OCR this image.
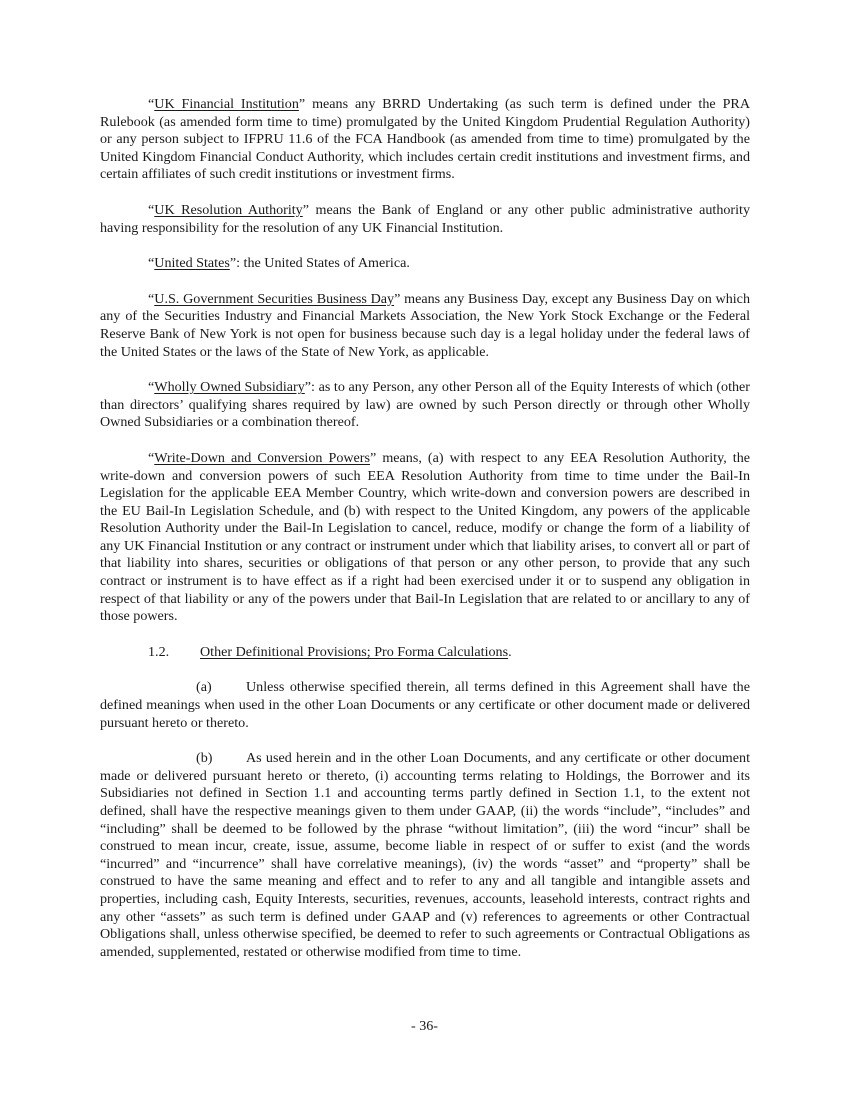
“UK Financial Institution” means any BRRD Undertaking (as such term is defined under the PRA Rulebook (as amended form time to time) promulgated by the United Kingdom Prudential Regulation Authority) or any person subject to IFPRU 11.6 of the FCA Handbook (as amended from time to time) promulgated by the United Kingdom Financial Conduct Authority, which includes certain credit institutions and investment firms, and certain affiliates of such credit institutions or investment firms.

“UK Resolution Authority” means the Bank of England or any other public administrative authority having responsibility for the resolution of any UK Financial Institution.

“United States”: the United States of America.

“U.S. Government Securities Business Day” means any Business Day, except any Business Day on which any of the Securities Industry and Financial Markets Association, the New York Stock Exchange or the Federal Reserve Bank of New York is not open for business because such day is a legal holiday under the federal laws of the United States or the laws of the State of New York, as applicable.

“Wholly Owned Subsidiary”: as to any Person, any other Person all of the Equity Interests of which (other than directors’ qualifying shares required by law) are owned by such Person directly or through other Wholly Owned Subsidiaries or a combination thereof.

“Write-Down and Conversion Powers” means, (a) with respect to any EEA Resolution Authority, the write-down and conversion powers of such EEA Resolution Authority from time to time under the Bail-In Legislation for the applicable EEA Member Country, which write-down and conversion powers are described in the EU Bail-In Legislation Schedule, and (b) with respect to the United Kingdom, any powers of the applicable Resolution Authority under the Bail-In Legislation to cancel, reduce, modify or change the form of a liability of any UK Financial Institution or any contract or instrument under which that liability arises, to convert all or part of that liability into shares, securities or obligations of that person or any other person, to provide that any such contract or instrument is to have effect as if a right had been exercised under it or to suspend any obligation in respect of that liability or any of the powers under that Bail-In Legislation that are related to or ancillary to any of those powers.

1.2. Other Definitional Provisions; Pro Forma Calculations.

(a) Unless otherwise specified therein, all terms defined in this Agreement shall have the defined meanings when used in the other Loan Documents or any certificate or other document made or delivered pursuant hereto or thereto.

(b) As used herein and in the other Loan Documents, and any certificate or other document made or delivered pursuant hereto or thereto, (i) accounting terms relating to Holdings, the Borrower and its Subsidiaries not defined in Section 1.1 and accounting terms partly defined in Section 1.1, to the extent not defined, shall have the respective meanings given to them under GAAP, (ii) the words “include”, “includes” and “including” shall be deemed to be followed by the phrase “without limitation”, (iii) the word “incur” shall be construed to mean incur, create, issue, assume, become liable in respect of or suffer to exist (and the words “incurred” and “incurrence” shall have correlative meanings), (iv) the words “asset” and “property” shall be construed to have the same meaning and effect and to refer to any and all tangible and intangible assets and properties, including cash, Equity Interests, securities, revenues, accounts, leasehold interests, contract rights and any other “assets” as such term is defined under GAAP and (v) references to agreements or other Contractual Obligations shall, unless otherwise specified, be deemed to refer to such agreements or Contractual Obligations as amended, supplemented, restated or otherwise modified from time to time.

- 36-
